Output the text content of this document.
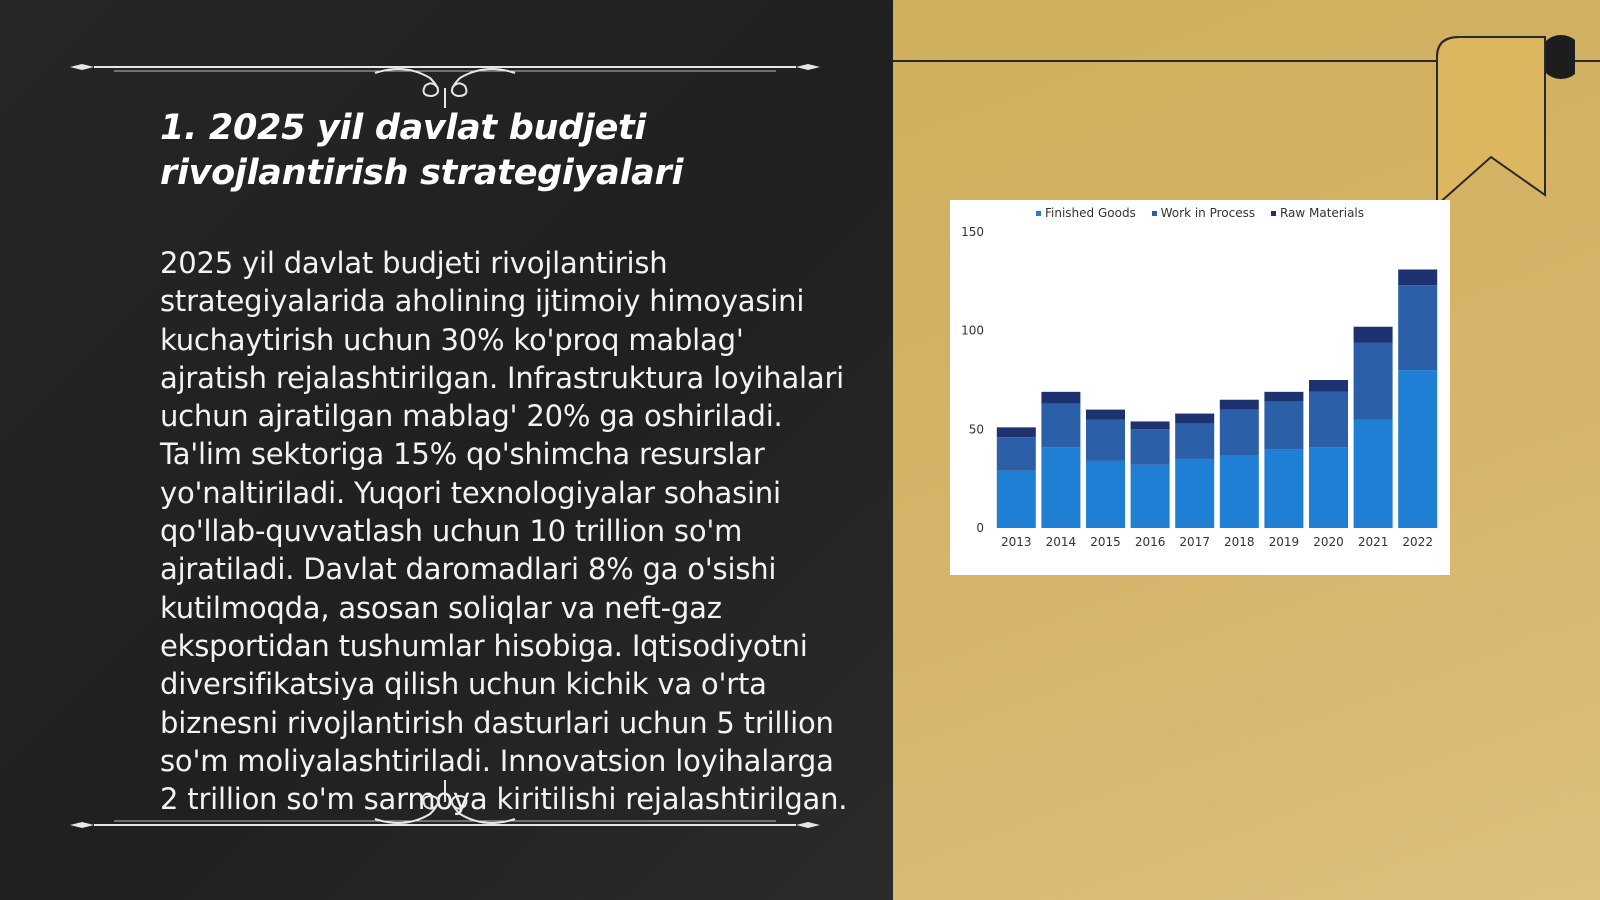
1. 2025 yil davlat budjeti rivojlantirish strategiyalari

2025 yil davlat budjeti rivojlantirish strategiyalarida aholining ijtimoiy himoyasini kuchaytirish uchun 30% ko'proq mablag' ajratish rejalashtirilgan. Infrastruktura loyihalari uchun ajratilgan mablag' 20% ga oshiriladi. Ta'lim sektoriga 15% qo'shimcha resurslar yo'naltiriladi. Yuqori texnologiyalar sohasini qo'llab-quvvatlash uchun 10 trillion so'm ajratiladi. Davlat daromadlari 8% ga o'sishi kutilmoqda, asosan soliqlar va neft-gaz eksportidan tushumlar hisobiga. Iqtisodiyotni diversifikatsiya qilish uchun kichik va o'rta biznesni rivojlantirish dasturlari uchun 5 trillion so'm moliyalashtiriladi. Innovatsion loyihalarga 2 trillion so'm sarmoya kiritilishi rejalashtirilgan.

Finished Goods Work in Process Raw Materials
0
50
100
150
2013 2014 2015 2016 2017 2018 2019 2020 2021 2022
